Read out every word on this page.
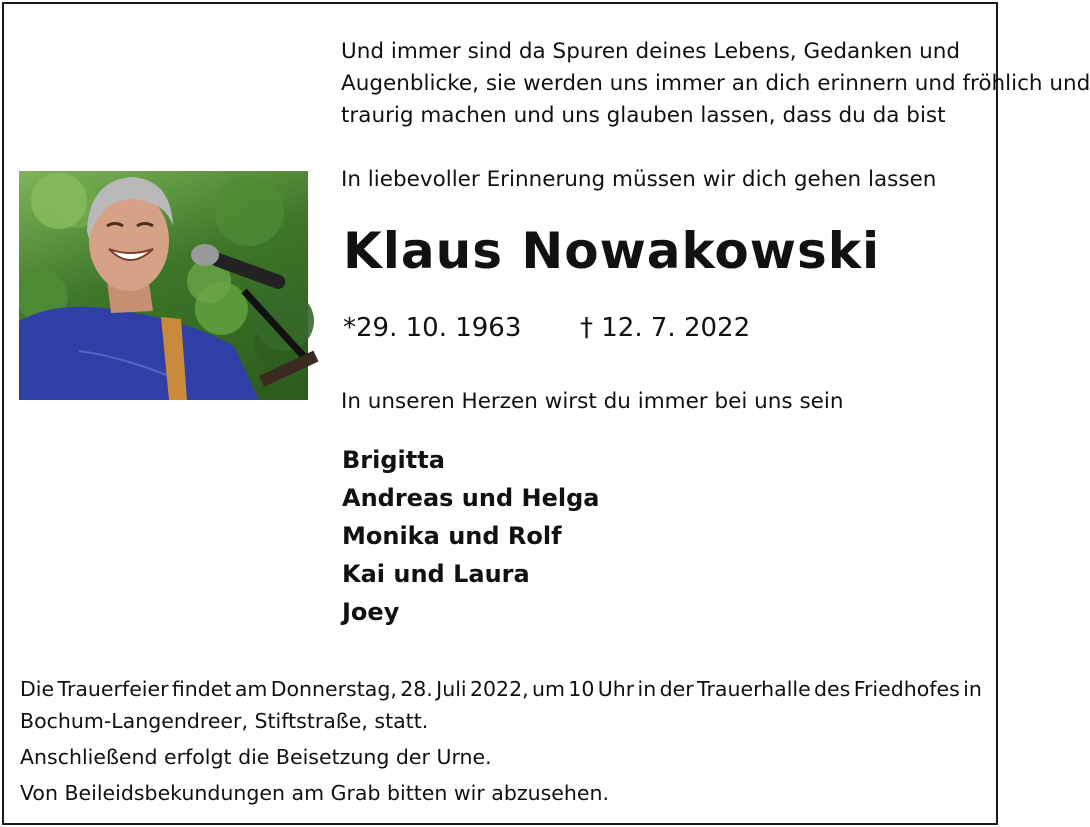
Und immer sind da Spuren deines Lebens, Gedanken und
Augenblicke, sie werden uns immer an dich erinnern und fröhlich und
traurig machen und uns glauben lassen, dass du da bist
In liebevoller Erinnerung müssen wir dich gehen lassen
Klaus Nowakowski
*29. 10. 1963 † 12. 7. 2022
In unseren Herzen wirst du immer bei uns sein
Brigitta
Andreas und Helga
Monika und Rolf
Kai und Laura
Joey
Die Trauerfeier findet am Donnerstag, 28. Juli 2022, um 10 Uhr in der Trauerhalle des Friedhofes in
Bochum-Langendreer, Stiftstraße, statt.
Anschließend erfolgt die Beisetzung der Urne.
Von Beileidsbekundungen am Grab bitten wir abzusehen.
